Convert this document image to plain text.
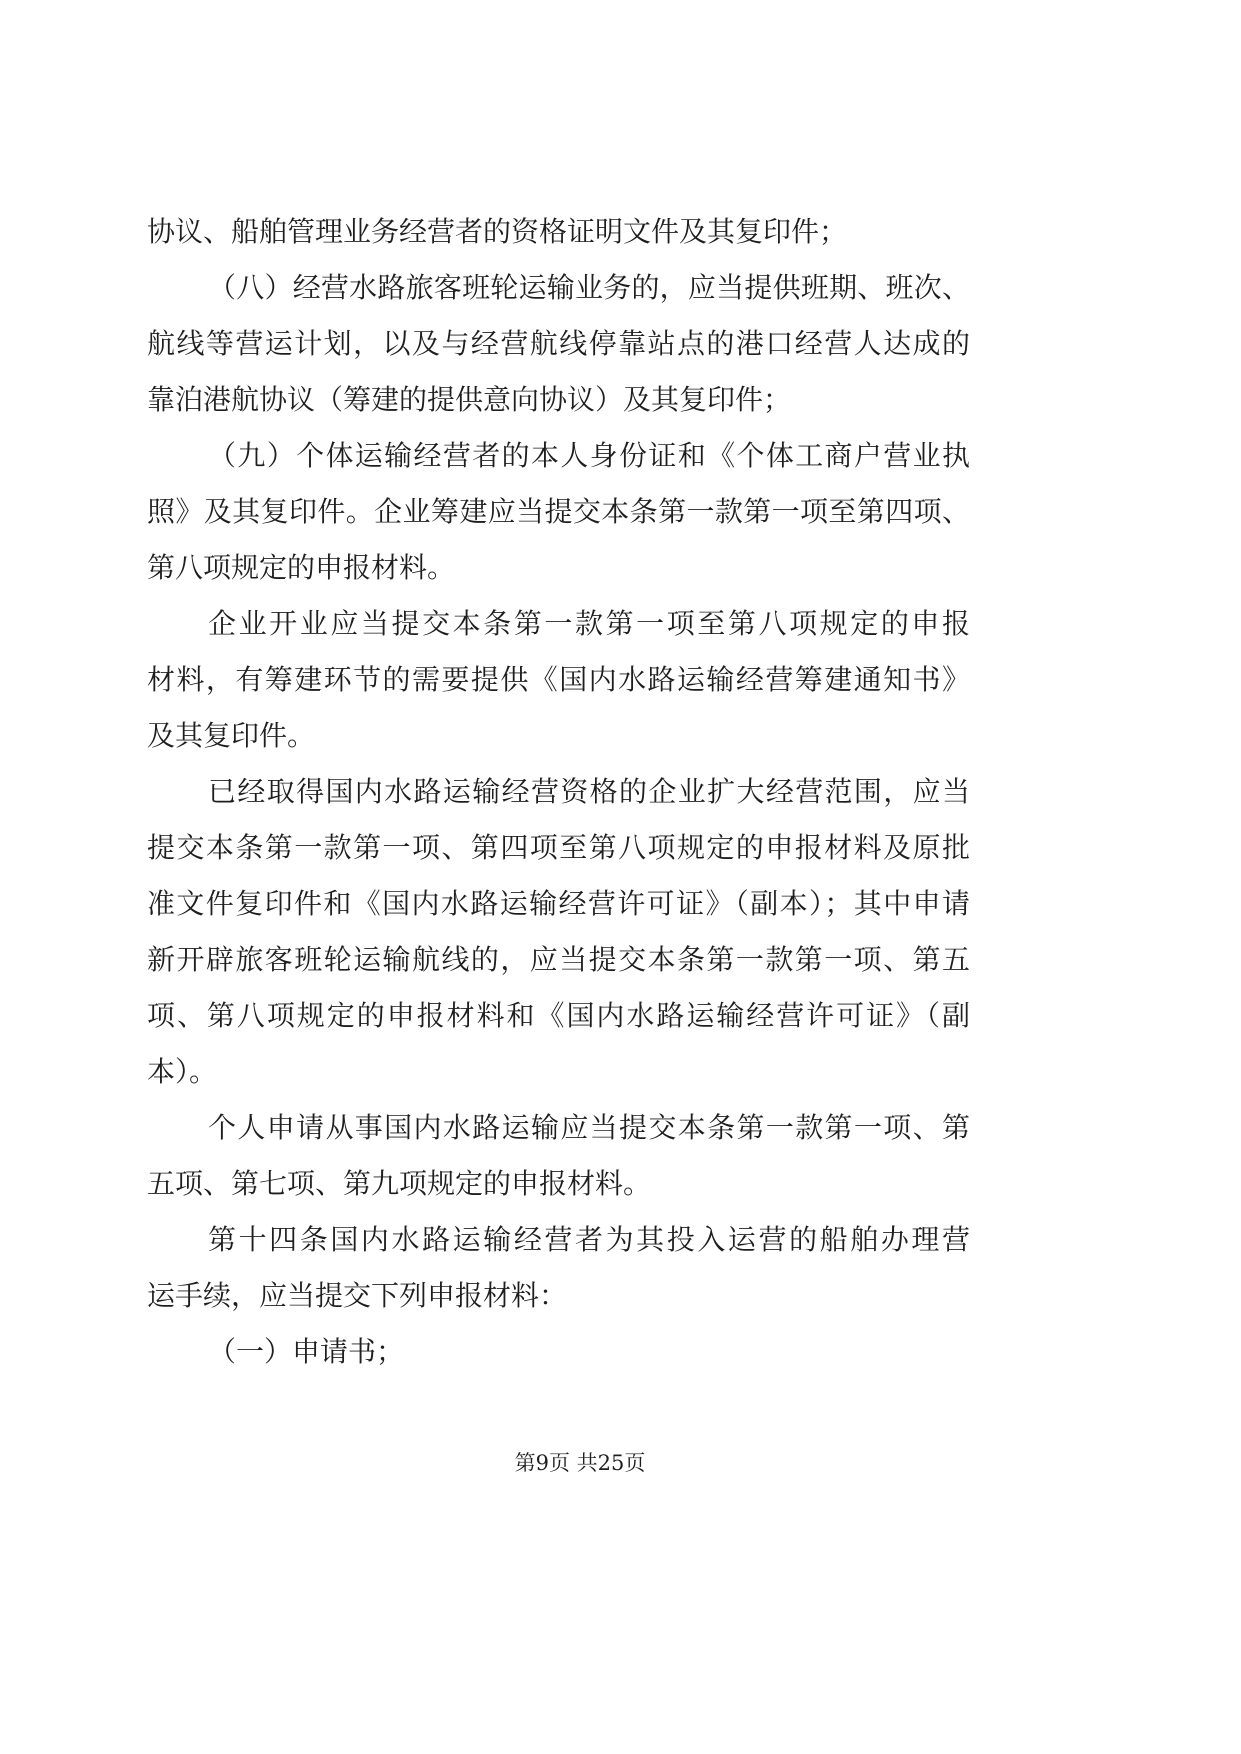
协议、船舶管理业务经营者的资格证明文件及其复印件；
（八）经营水路旅客班轮运输业务的，应当提供班期、班次、
航线等营运计划，以及与经营航线停靠站点的港口经营人达成的
靠泊港航协议（筹建的提供意向协议）及其复印件；
（九）个体运输经营者的本人身份证和《个体工商户营业执
照》及其复印件。企业筹建应当提交本条第一款第一项至第四项、
第八项规定的申报材料。
企业开业应当提交本条第一款第一项至第八项规定的申报
材料，有筹建环节的需要提供《国内水路运输经营筹建通知书》
及其复印件。
已经取得国内水路运输经营资格的企业扩大经营范围，应当
提交本条第一款第一项、第四项至第八项规定的申报材料及原批
准文件复印件和《国内水路运输经营许可证》（副本）；其中申请
新开辟旅客班轮运输航线的，应当提交本条第一款第一项、第五
项、第八项规定的申报材料和《国内水路运输经营许可证》（副
本）。
个人申请从事国内水路运输应当提交本条第一款第一项、第
五项、第七项、第九项规定的申报材料。
第十四条国内水路运输经营者为其投入运营的船舶办理营
运手续，应当提交下列申报材料：
（一）申请书；
第9页 共25页
